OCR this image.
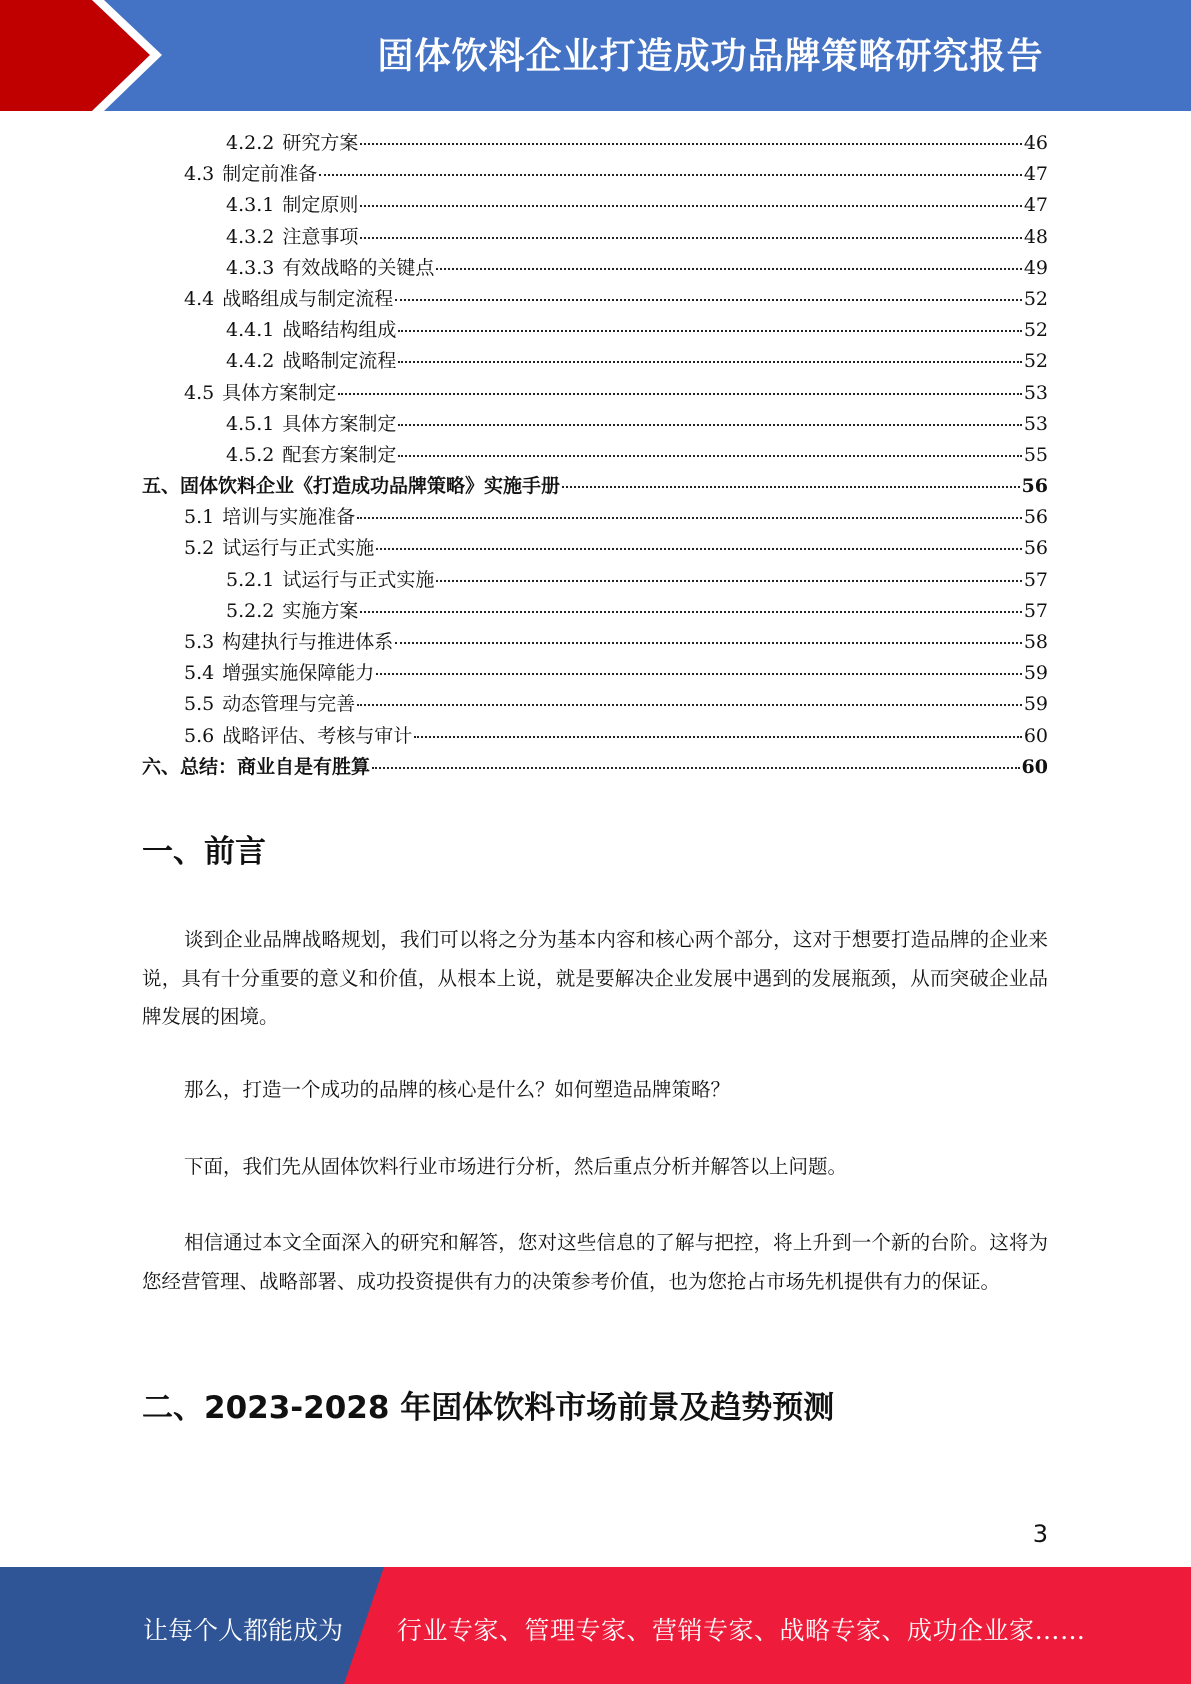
固体饮料企业打造成功品牌策略研究报告
4.2.2 研究方案	46
4.3 制定前准备	47
4.3.1 制定原则	47
4.3.2 注意事项	48
4.3.3 有效战略的关键点	49
4.4 战略组成与制定流程	52
4.4.1 战略结构组成	52
4.4.2 战略制定流程	52
4.5 具体方案制定	53
4.5.1 具体方案制定	53
4.5.2 配套方案制定	55
五、 固体饮料企业《打造成功品牌策略》实施手册	56
5.1 培训与实施准备	56
5.2 试运行与正式实施	56
5.2.1 试运行与正式实施	57
5.2.2 实施方案	57
5.3 构建执行与推进体系	58
5.4 增强实施保障能力	59
5.5 动态管理与完善	59
5.6 战略评估、考核与审计	60
六、 总结：商业自是有胜算	60
一、前言

谈到企业品牌战略规划，我们可以将之分为基本内容和核心两个部分，这对于想要打造品牌的企业来说，具有十分重要的意义和价值，从根本上说，就是要解决企业发展中遇到的发展瓶颈，从而突破企业品牌发展的困境。

那么，打造一个成功的品牌的核心是什么？如何塑造品牌策略？

下面，我们先从固体饮料行业市场进行分析，然后重点分析并解答以上问题。

相信通过本文全面深入的研究和解答，您对这些信息的了解与把控，将上升到一个新的台阶。这将为您经营管理、战略部署、成功投资提供有力的决策参考价值，也为您抢占市场先机提供有力的保证。

二、2023-2028 年固体饮料市场前景及趋势预测
3
让每个人都能成为 行业专家、管理专家、营销专家、战略专家、成功企业家……
